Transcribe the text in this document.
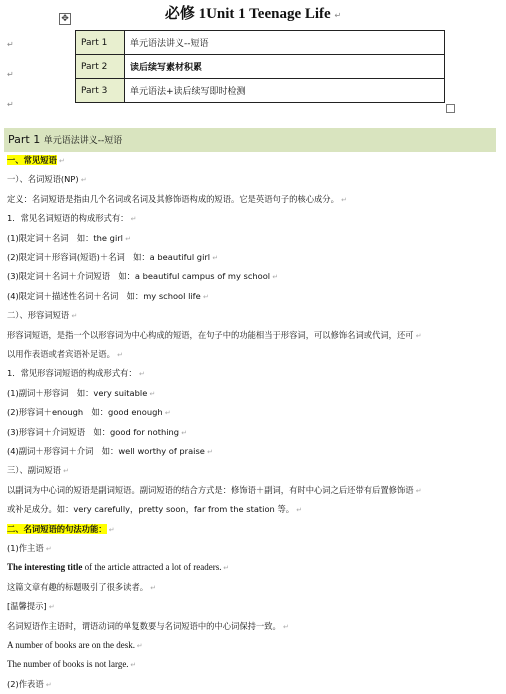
✥	必修 1Unit 1 Teenage Life ↵
↵
↵
↵
Part 1	单元语法讲义--短语
Part 2	读后续写素材积累
Part 3	单元语法+读后续写即时检测
Part 1 单元语法讲义--短语
一、常见短语 ↵
一）、名词短语(NP) ↵
定义：名词短语是指由几个名词或名词及其修饰语构成的短语。它是英语句子的核心成分。 ↵
1．常见名词短语的构成形式有： ↵
(1)限定词＋名词　如：the girl ↵
(2)限定词＋形容词(短语)＋名词　如：a beautiful girl ↵
(3)限定词＋名词＋介词短语　如：a beautiful campus of my school ↵
(4)限定词＋描述性名词＋名词　如：my school life ↵
二）、形容词短语 ↵
形容词短语，是指一个以形容词为中心构成的短语，在句子中的功能相当于形容词，可以修饰名词或代词，还可 ↵
以用作表语或者宾语补足语。 ↵
1．常见形容词短语的构成形式有： ↵
(1)副词＋形容词　如：very suitable ↵
(2)形容词＋enough　如：good enough ↵
(3)形容词＋介词短语　如：good for nothing ↵
(4)副词＋形容词＋介词　如：well worthy of praise ↵
三）、副词短语 ↵
以副词为中心词的短语是副词短语。副词短语的结合方式是：修饰语＋副词，有时中心词之后还带有后置修饰语 ↵
或补足成分。如：very carefully，pretty soon，far from the station 等。 ↵
二、名词短语的句法功能： ↵
(1)作主语 ↵
The interesting title of the article attracted a lot of readers. ↵
这篇文章有趣的标题吸引了很多读者。 ↵
[温馨提示] ↵
名词短语作主语时，谓语动词的单复数要与名词短语中的中心词保持一致。 ↵
A number of books are on the desk. ↵
The number of books is not large. ↵
(2)作表语 ↵
